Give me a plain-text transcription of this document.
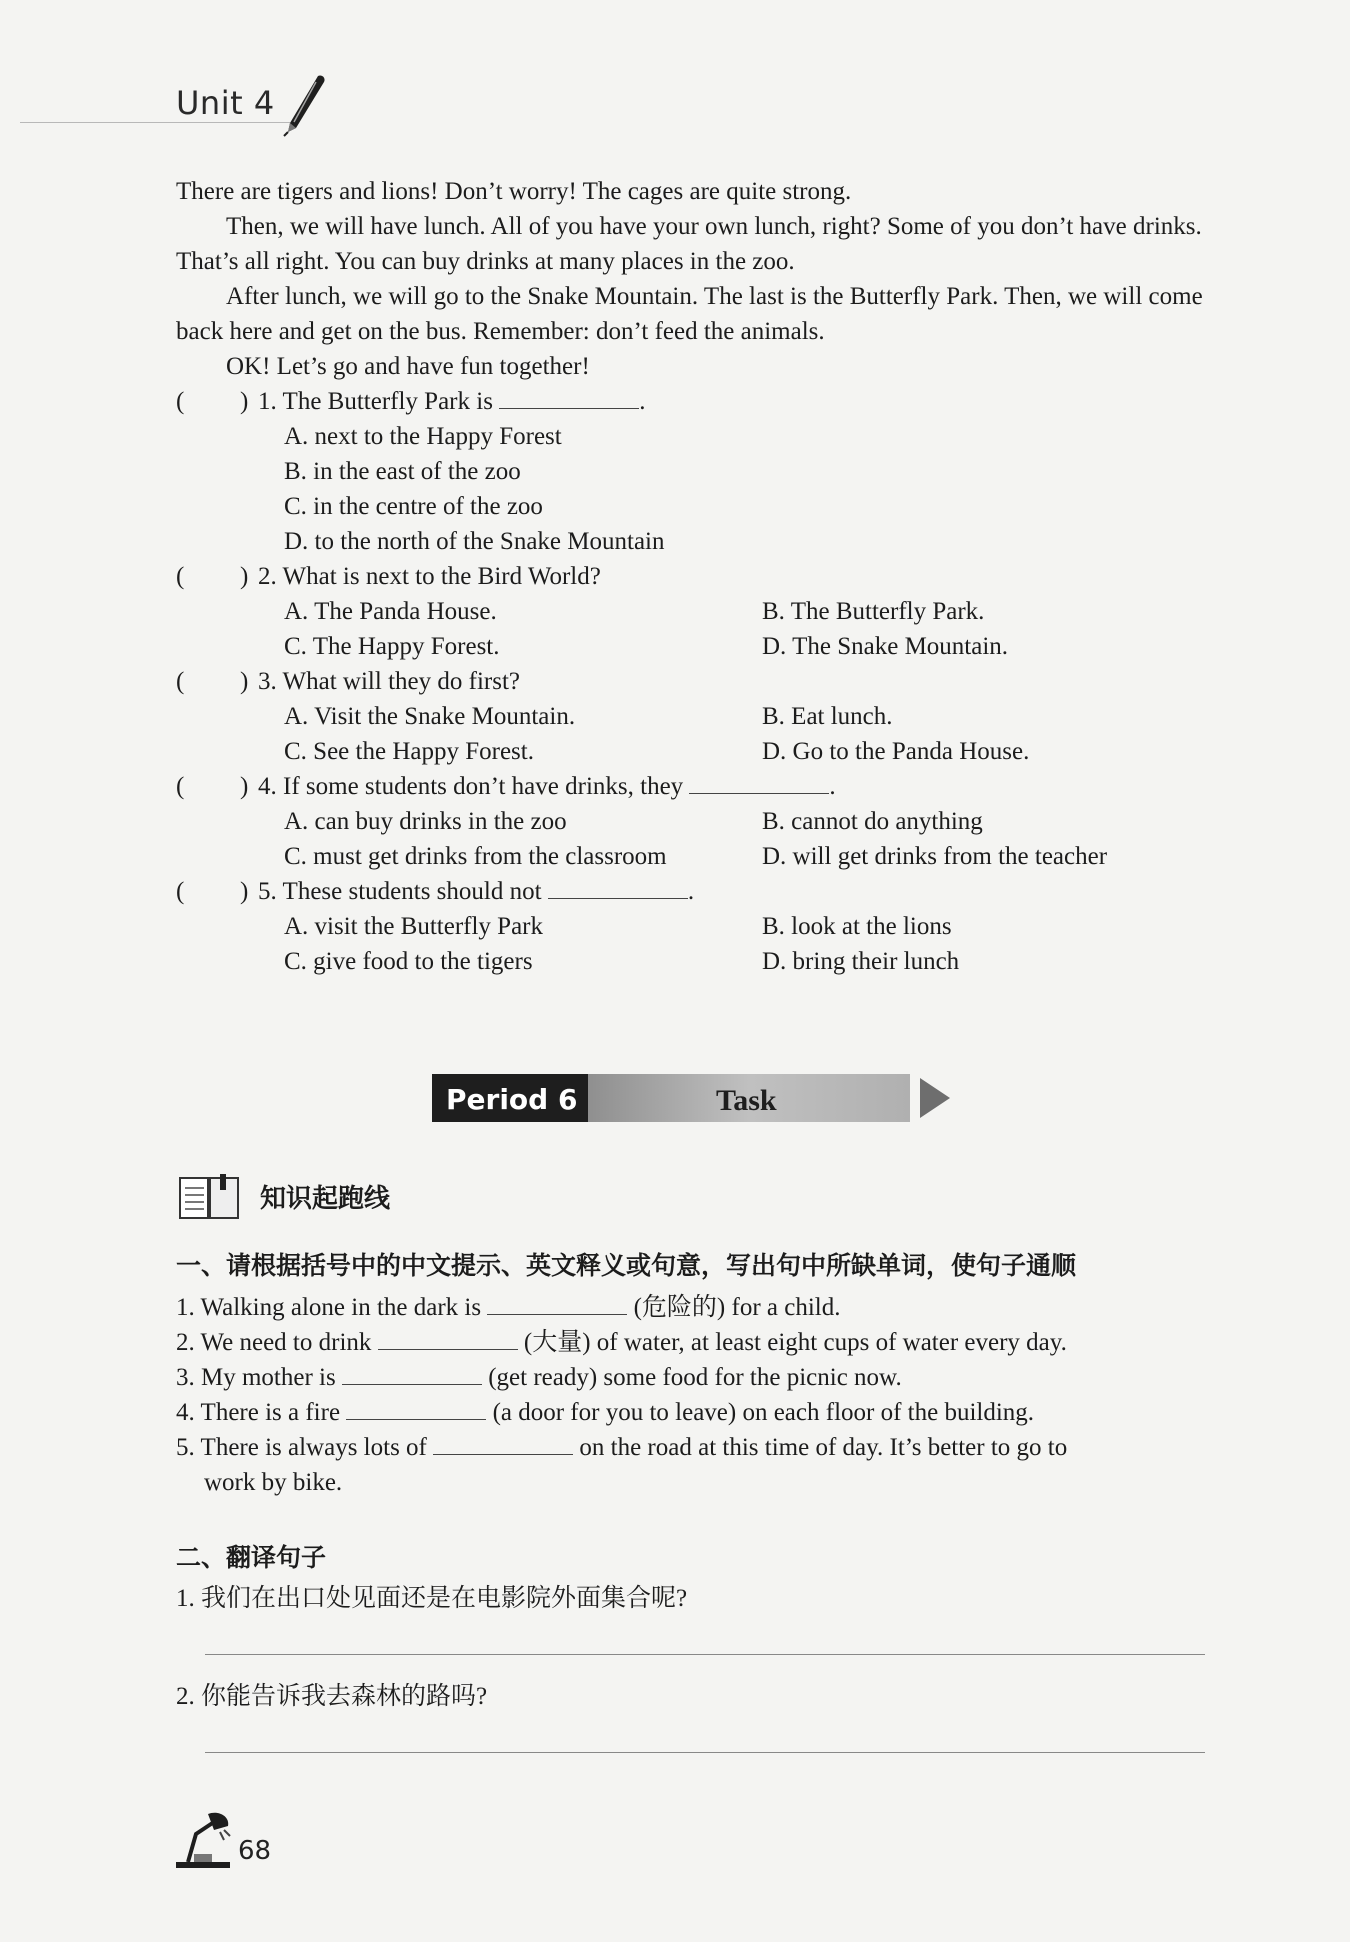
Unit 4

There are tigers and lions! Don’t worry! The cages are quite strong.

Then, we will have lunch. All of you have your own lunch, right? Some of you don’t have drinks. That’s all right. You can buy drinks at many places in the zoo.

After lunch, we will go to the Snake Mountain. The last is the Butterfly Park. Then, we will come back here and get on the bus. Remember: don’t feed the animals.

OK! Let’s go and have fun together!

( ) 1. The Butterfly Park is	.
A. next to the Happy Forest
B. in the east of the zoo
C. in the centre of the zoo
D. to the north of the Snake Mountain
( ) 2. What is next to the Bird World?
A. The Panda House.	B. The Butterfly Park.
C. The Happy Forest.	D. The Snake Mountain.
( ) 3. What will they do first?
A. Visit the Snake Mountain.	B. Eat lunch.
C. See the Happy Forest.	D. Go to the Panda House.
( ) 4. If some students don’t have drinks, they	.
A. can buy drinks in the zoo	B. cannot do anything
C. must get drinks from the classroom	D. will get drinks from the teacher
( ) 5. These students should not	.
A. visit the Butterfly Park	B. look at the lions
C. give food to the tigers	D. bring their lunch
Period 6	Task
知识起跑线
一、请根据括号中的中文提示、英文释义或句意，写出句中所缺单词，使句子通顺
1. Walking alone in the dark is	(危险的) for a child.
2. We need to drink	(大量) of water, at least eight cups of water every day.
3. My mother is	(get ready) some food for the picnic now.
4. There is a fire	(a door for you to leave) on each floor of the building.
5. There is always lots of	on the road at this time of day. It’s better to go to
work by bike.
二、翻译句子
1. 我们在出口处见面还是在电影院外面集合呢?
2. 你能告诉我去森林的路吗?
68
